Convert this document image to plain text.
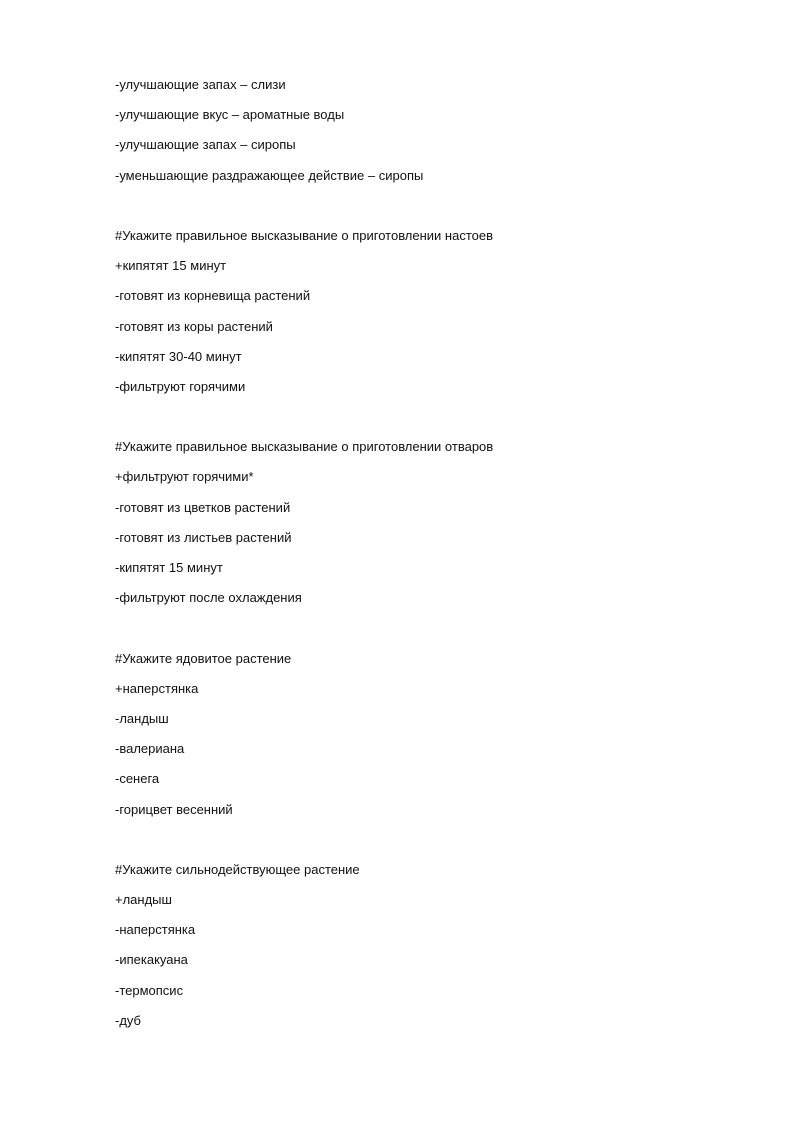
-улучшающие запах – слизи
-улучшающие вкус – ароматные воды
-улучшающие запах – сиропы
-уменьшающие раздражающее действие – сиропы
#Укажите правильное высказывание о приготовлении настоев
+кипятят 15 минут
-готовят из корневища растений
-готовят из коры растений
-кипятят 30-40 минут
-фильтруют горячими
#Укажите правильное высказывание о приготовлении отваров
+фильтруют горячими*
-готовят из цветков растений
-готовят из листьев растений
-кипятят 15 минут
-фильтруют после охлаждения
#Укажите ядовитое растение
+наперстянка
-ландыш
-валериана
-сенега
-горицвет весенний
#Укажите сильнодействующее растение
+ландыш
-наперстянка
-ипекакуана
-термопсис
-дуб
